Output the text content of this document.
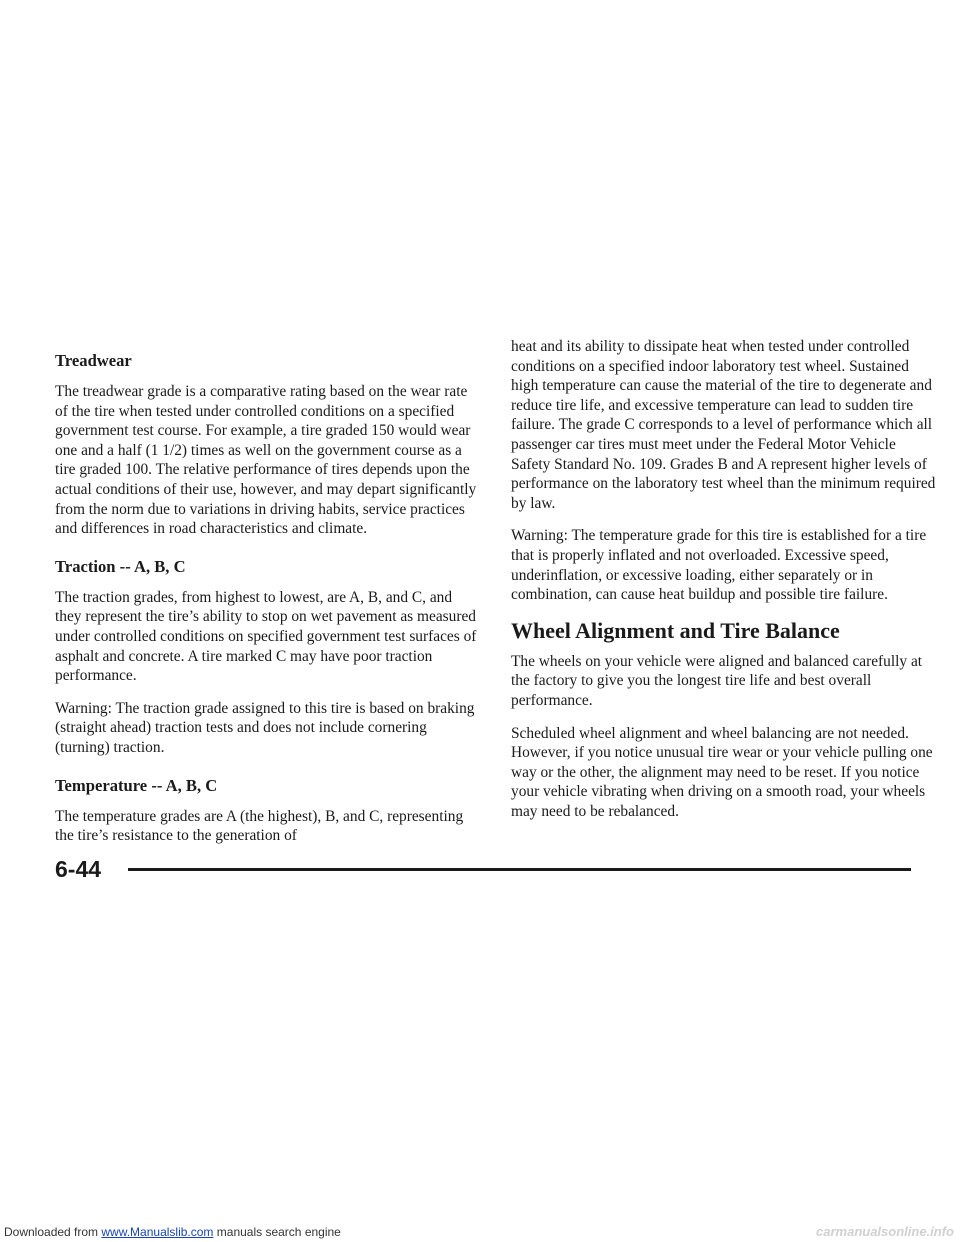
Treadwear

The treadwear grade is a comparative rating based on the wear rate of the tire when tested under controlled conditions on a specified government test course. For example, a tire graded 150 would wear one and a half (1 1/2) times as well on the government course as a tire graded 100. The relative performance of tires depends upon the actual conditions of their use, however, and may depart significantly from the norm due to variations in driving habits, service practices and differences in road characteristics and climate.

Traction -- A, B, C

The traction grades, from highest to lowest, are A, B, and C, and they represent the tire’s ability to stop on wet pavement as measured under controlled conditions on specified government test surfaces of asphalt and concrete. A tire marked C may have poor traction performance.

Warning: The traction grade assigned to this tire is based on braking (straight ahead) traction tests and does not include cornering (turning) traction.

Temperature -- A, B, C

The temperature grades are A (the highest), B, and C, representing the tire’s resistance to the generation of

heat and its ability to dissipate heat when tested under controlled conditions on a specified indoor laboratory test wheel. Sustained high temperature can cause the material of the tire to degenerate and reduce tire life, and excessive temperature can lead to sudden tire failure. The grade C corresponds to a level of performance which all passenger car tires must meet under the Federal Motor Vehicle Safety Standard No. 109. Grades B and A represent higher levels of performance on the laboratory test wheel than the minimum required by law.

Warning: The temperature grade for this tire is established for a tire that is properly inflated and not overloaded. Excessive speed, underinflation, or excessive loading, either separately or in combination, can cause heat buildup and possible tire failure.

Wheel Alignment and Tire Balance

The wheels on your vehicle were aligned and balanced carefully at the factory to give you the longest tire life and best overall performance.

Scheduled wheel alignment and wheel balancing are not needed. However, if you notice unusual tire wear or your vehicle pulling one way or the other, the alignment may need to be reset. If you notice your vehicle vibrating when driving on a smooth road, your wheels may need to be rebalanced.

6-44
Downloaded from www.Manualslib.com manuals search engine	carmanualsonline.info
